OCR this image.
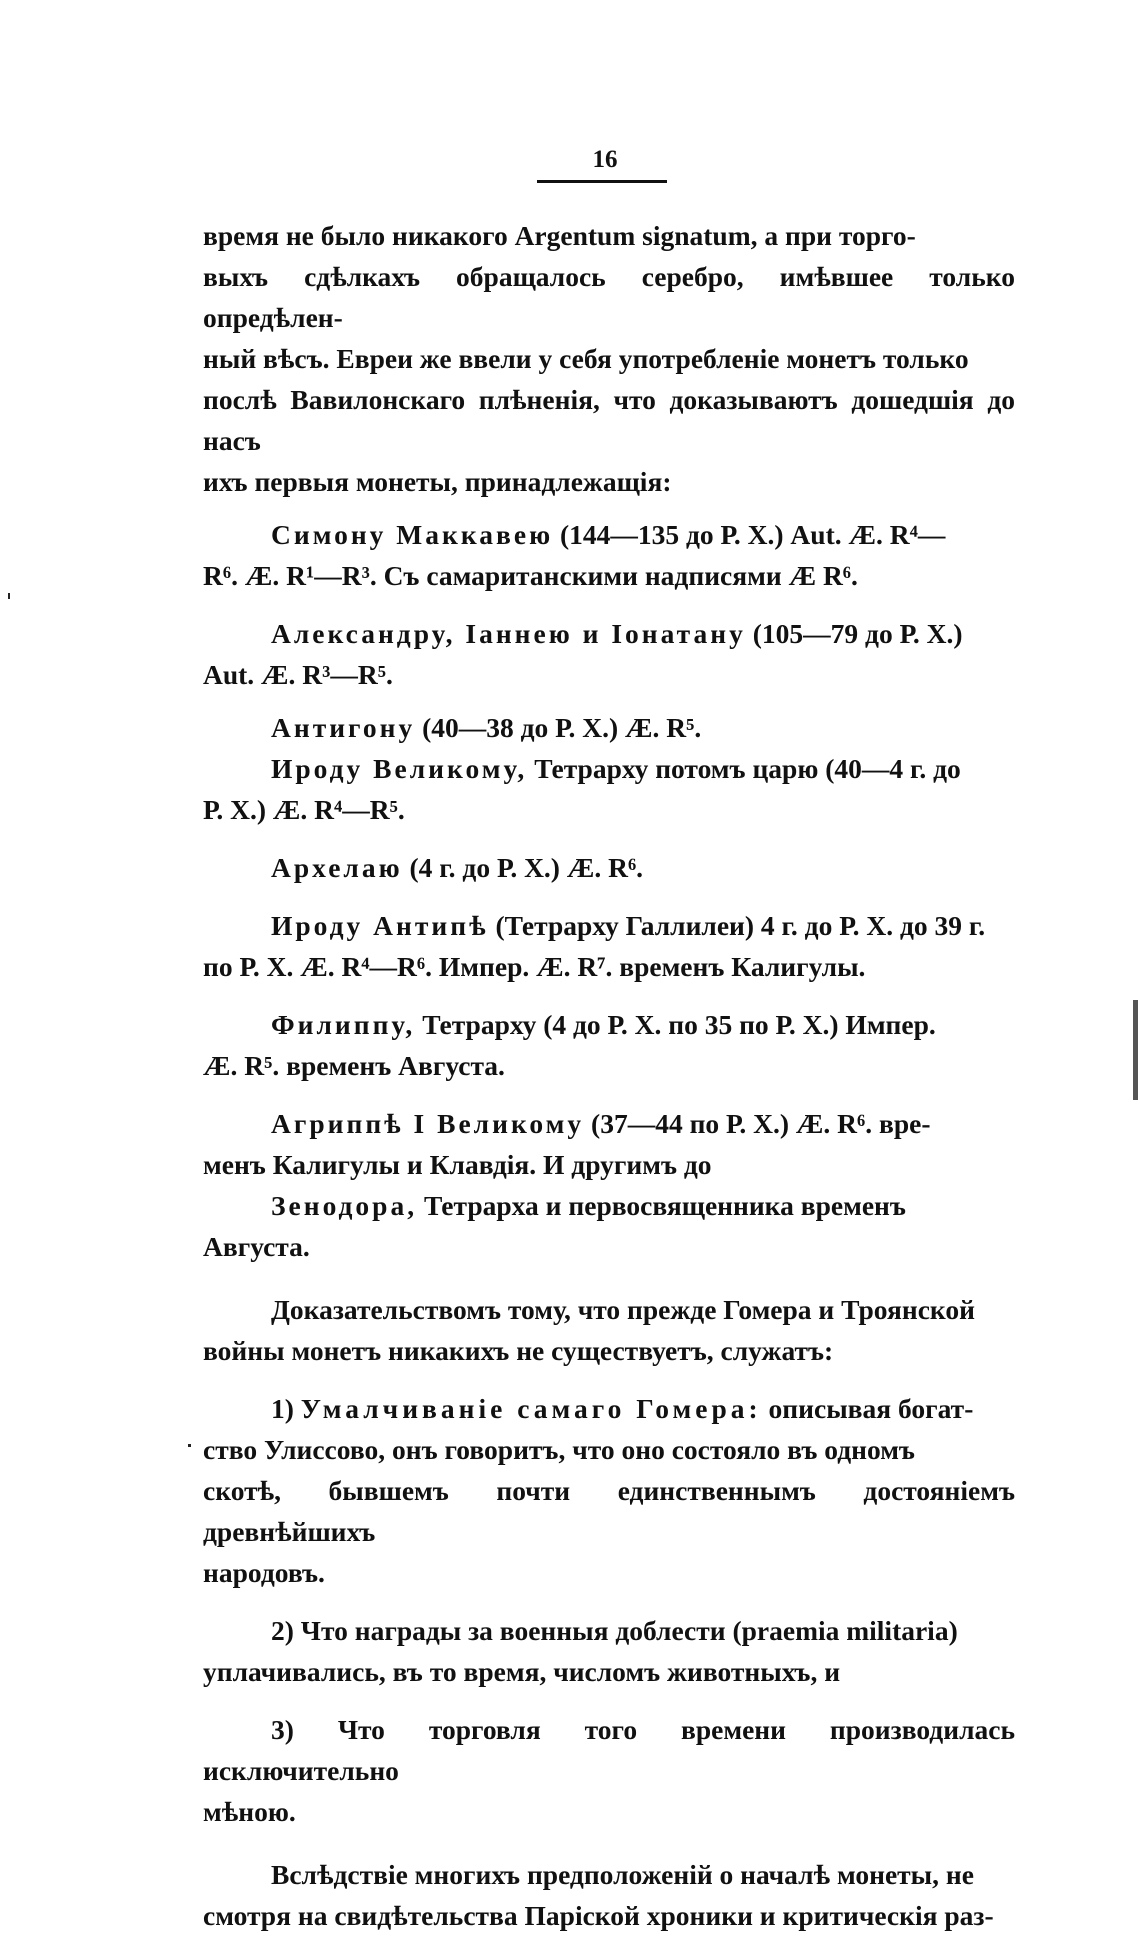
16

время не было никакого Argentum signatum, а при торго-

выхъ сдѣлкахъ обращалось серебро, имѣвшее только опредѣлен-

ный вѣсъ. Евреи же ввели у себя употребленіе монетъ только

послѣ Вавилонскаго плѣненія, что доказываютъ дошедшія до насъ

ихъ первыя монеты, принадлежащія:

Симону Маккавею (144—135 до Р. Х.) Aut. Æ. R⁴—

R⁶. Æ. R¹—R³. Съ самаританскими надписями Æ R⁶.

Александру, Іаннею и Іонатану (105—79 до Р. Х.)

Aut. Æ. R³—R⁵.

Антигону (40—38 до Р. Х.) Æ. R⁵.

Ироду Великому, Тетрарху потомъ царю (40—4 г. до

Р. Х.) Æ. R⁴—R⁵.

Архелаю (4 г. до Р. Х.) Æ. R⁶.

Ироду Антипѣ (Тетрарху Галлилеи) 4 г. до Р. Х. до 39 г.

по Р. Х. Æ. R⁴—R⁶. Импер. Æ. R⁷. временъ Калигулы.

Филиппу, Тетрарху (4 до Р. Х. по 35 по Р. Х.) Импер.

Æ. R⁵. временъ Августа.

Агриппѣ I Великому (37—44 по Р. Х.) Æ. R⁶. вре-

менъ Калигулы и Клавдія. И другимъ до

Зенодора, Тетрарха и первосвященника временъ Августа.

Доказательствомъ тому, что прежде Гомера и Троянской

войны монетъ никакихъ не существуетъ, служатъ:

1) Умалчиваніе самаго Гомера: описывая богат-

ство Улиссово, онъ говоритъ, что оно состояло въ одномъ

скотѣ, бывшемъ почти единственнымъ достояніемъ древнѣйшихъ

народовъ.

2) Что награды за военныя доблести (praemia militaria)

уплачивались, въ то время, числомъ животныхъ, и

3) Что торговля того времени производилась исключительно

мѣною.

Вслѣдствіе многихъ предположеній о началѣ монеты, не

смотря на свидѣтельства Парiской хроники и критическія раз-
